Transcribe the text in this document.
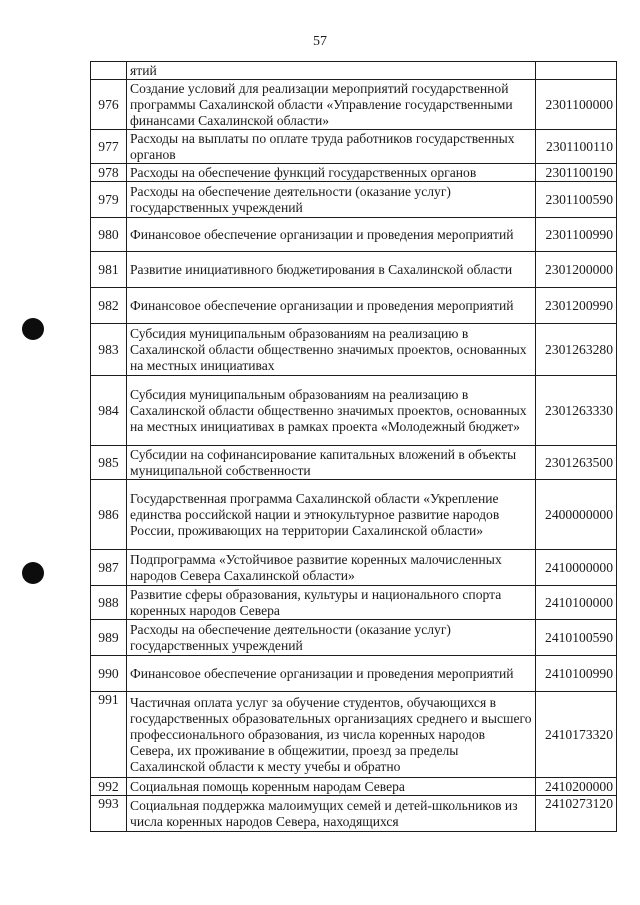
57
	ятий	
976	Создание условий для реализации мероприятий государственной программы Сахалинской области «Управление государственными финансами Сахалинской области»	2301100000
977	Расходы на выплаты по оплате труда работников государственных органов	2301100110
978	Расходы на обеспечение функций государственных органов	2301100190
979	Расходы на обеспечение деятельности (оказание услуг) государственных учреждений	2301100590
980	Финансовое обеспечение организации и проведения мероприятий	2301100990
981	Развитие инициативного бюджетирования в Сахалинской области	2301200000
982	Финансовое обеспечение организации и проведения мероприятий	2301200990
983	Субсидия муниципальным образованиям на реализацию в Сахалинской области общественно значимых проектов, основанных на местных инициативах	2301263280
984	Субсидия муниципальным образованиям на реализацию в Сахалинской области общественно значимых проектов, основанных на местных инициативах в рамках проекта «Молодежный бюджет»	2301263330
985	Субсидии на софинансирование капитальных вложений в объекты муниципальной собственности	2301263500
986	Государственная программа Сахалинской области «Укрепление единства российской нации и этнокультурное развитие народов России, проживающих на территории Сахалинской области»	2400000000
987	Подпрограмма «Устойчивое развитие коренных малочисленных народов Севера Сахалинской области»	2410000000
988	Развитие сферы образования, культуры и национального спорта коренных народов Севера	2410100000
989	Расходы на обеспечение деятельности (оказание услуг) государственных учреждений	2410100590
990	Финансовое обеспечение организации и проведения мероприятий	2410100990
991	Частичная оплата услуг за обучение студентов, обучающихся в государственных образовательных организациях среднего и высшего профессионального образования, из числа коренных народов Севера, их проживание в общежитии, проезд за пределы Сахалинской области к месту учебы и обратно	2410173320
992	Социальная помощь коренным народам Севера	2410200000
993	Социальная поддержка малоимущих семей и детей-школьников из числа коренных народов Севера, находящихся	2410273120
